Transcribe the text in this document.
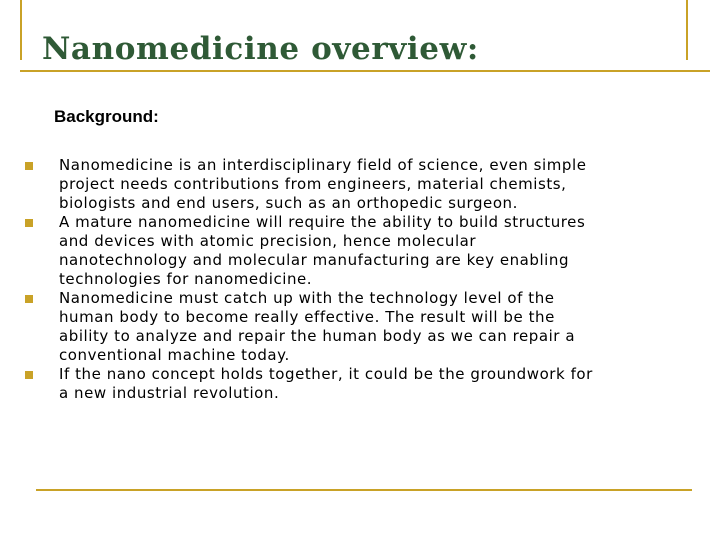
Nanomedicine overview:
Background:
Nanomedicine is an interdisciplinary field of science, even simple
project needs contributions from engineers, material chemists,
biologists and end users, such as an orthopedic surgeon.
A mature nanomedicine will require the ability to build structures
and devices with atomic precision, hence molecular
nanotechnology and molecular manufacturing are key enabling
technologies for nanomedicine.
Nanomedicine must catch up with the technology level of the
human body to become really effective. The result will be the
ability to analyze and repair the human body as we can repair a
conventional machine today.
If the nano concept holds together, it could be the groundwork for
a new industrial revolution.
